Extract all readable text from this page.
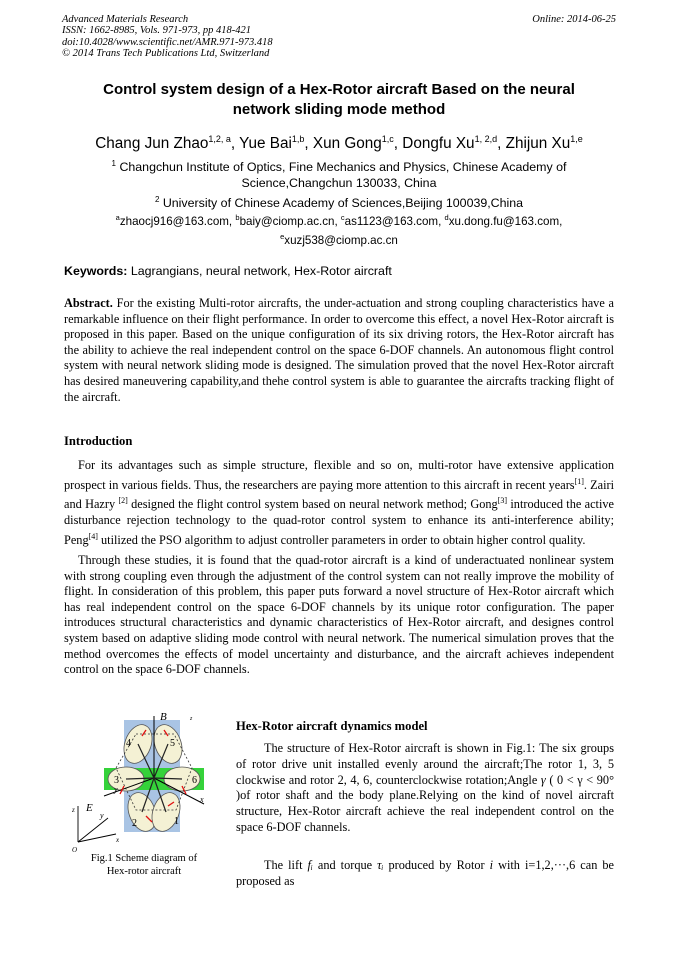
Advanced Materials Research
ISSN: 1662-8985, Vols. 971-973, pp 418-421
doi:10.4028/www.scientific.net/AMR.971-973.418
© 2014 Trans Tech Publications Ltd, Switzerland
Online: 2014-06-25
Control system design of a Hex-Rotor aircraft Based on the neural
network sliding mode method
Chang Jun Zhao$^{1,2, a}$, Yue Bai$^{1,b}$, Xun Gong$^{1,c}$, Dongfu Xu$^{1, 2,d}$, Zhijun Xu$^{1,e}$
$^1$ Changchun Institute of Optics, Fine Mechanics and Physics, Chinese Academy of
Science,Changchun 130033, China
$^2$ University of Chinese Academy of Sciences,Beijing 100039,China
$^a$zhaocj916@163.com, $^b$baiy@ciomp.ac.cn, $^c$as1123@163.com, $^d$xu.dong.fu@163.com,
$^e$xuzj538@ciomp.ac.cn
Keywords: Lagrangians, neural network, Hex-Rotor aircraft
Abstract. For the existing Multi-rotor aircrafts, the under-actuation and strong coupling characteristics have a remarkable influence on their flight performance. In order to overcome this effect, a novel Hex-Rotor aircraft is proposed in this paper. Based on the unique configuration of its six driving rotors, the Hex-Rotor aircraft has the ability to achieve the real independent control on the space 6-DOF channels. An autonomous flight control system with neural network sliding mode is designed. The simulation proved that the novel Hex-Rotor aircraft has desired maneuvering capability,and thehe control system is able to guarantee the aircrafts tracking flight of the aircraft.
Introduction
For its advantages such as simple structure, flexible and so on, multi-rotor have extensive application prospect in various fields. Thus, the researchers are paying more attention to this aircraft in recent years[1]. Zairi and Hazry [2] designed the flight control system based on neural network method; Gong[3] introduced the active disturbance rejection technology to the quad-rotor control system to enhance its anti-interference ability; Peng[4] utilized the PSO algorithm to adjust controller parameters in order to obtain higher control quality.
Through these studies, it is found that the quad-rotor aircraft is a kind of underactuated nonlinear system with strong coupling even through the adjustment of the control system can not really improve the mobility of flight. In consideration of this problem, this paper puts forward a novel structure of Hex-Rotor aircraft which has real independent control on the space 6-DOF channels by its unique rotor configuration. The paper introduces structural characteristics and dynamic characteristics of Hex-Rotor aircraft, and designes control system based on adaptive sliding mode control with neural network. The numerical simulation proves that the method overcomes the effects of model uncertainty and disturbance, and the aircraft achieves independent control on the space 6-DOF channels.
B
E
z
x
y
z
y
x
O
4	5
3	6
2	1
Fig.1 Scheme diagram of
Hex-rotor aircraft
Hex-Rotor aircraft dynamics model
The structure of Hex-Rotor aircraft is shown in Fig.1: The six groups of rotor drive unit installed evenly around the aircraft;The rotor 1, 3, 5 clockwise and rotor 2, 4, 6, counterclockwise rotation;Angle γ ( 0 < γ < 90° )of rotor shaft and the body plane.Relying on the kind of novel aircraft structure, Hex-Rotor aircraft achieve the real independent control on the space 6-DOF channels.
The lift fᵢ and torque τᵢ produced by Rotor i with i=1,2,···,6 can be proposed as
